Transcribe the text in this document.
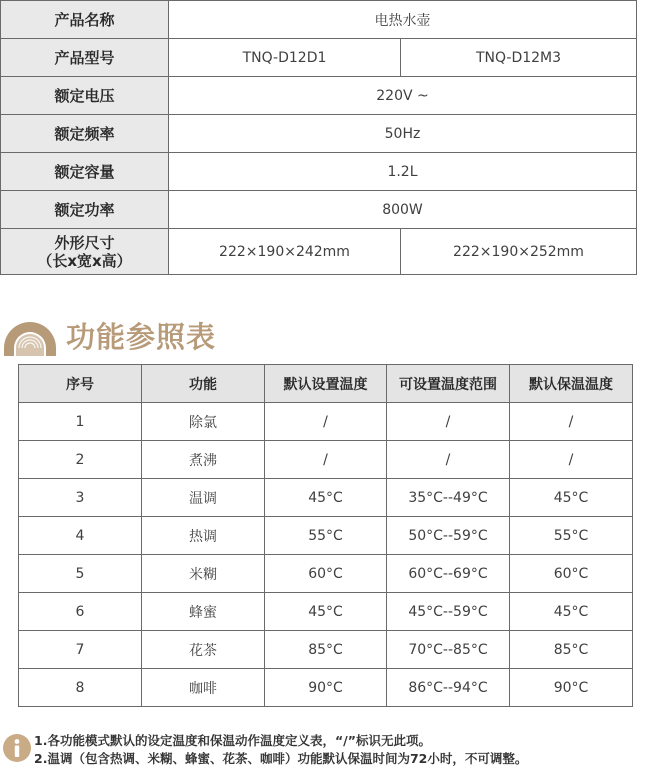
产品名称	电热水壶	
产品型号	TNQ-D12D1	TNQ-D12M3
额定电压	220V ~	
额定频率	50Hz	
额定容量	1.2L	
额定功率	800W	

外形尺寸
（长x宽x高）	222×190×242mm	222×190×252mm
功能参照表
序号	功能	默认设置温度	可设置温度范围	默认保温温度
1	除氯	/	/	/
2	煮沸	/	/	/
3	温调	45°C	35°C--49°C	45°C
4	热调	55°C	50°C--59°C	55°C
5	米糊	60°C	60°C--69°C	60°C
6	蜂蜜	45°C	45°C--59°C	45°C
7	花茶	85°C	70°C--85°C	85°C
8	咖啡	90°C	86°C--94°C	90°C
1.各功能模式默认的设定温度和保温动作温度定义表，“/”标识无此项。
2.温调（包含热调、米糊、蜂蜜、花茶、咖啡）功能默认保温时间为72小时，不可调整。
